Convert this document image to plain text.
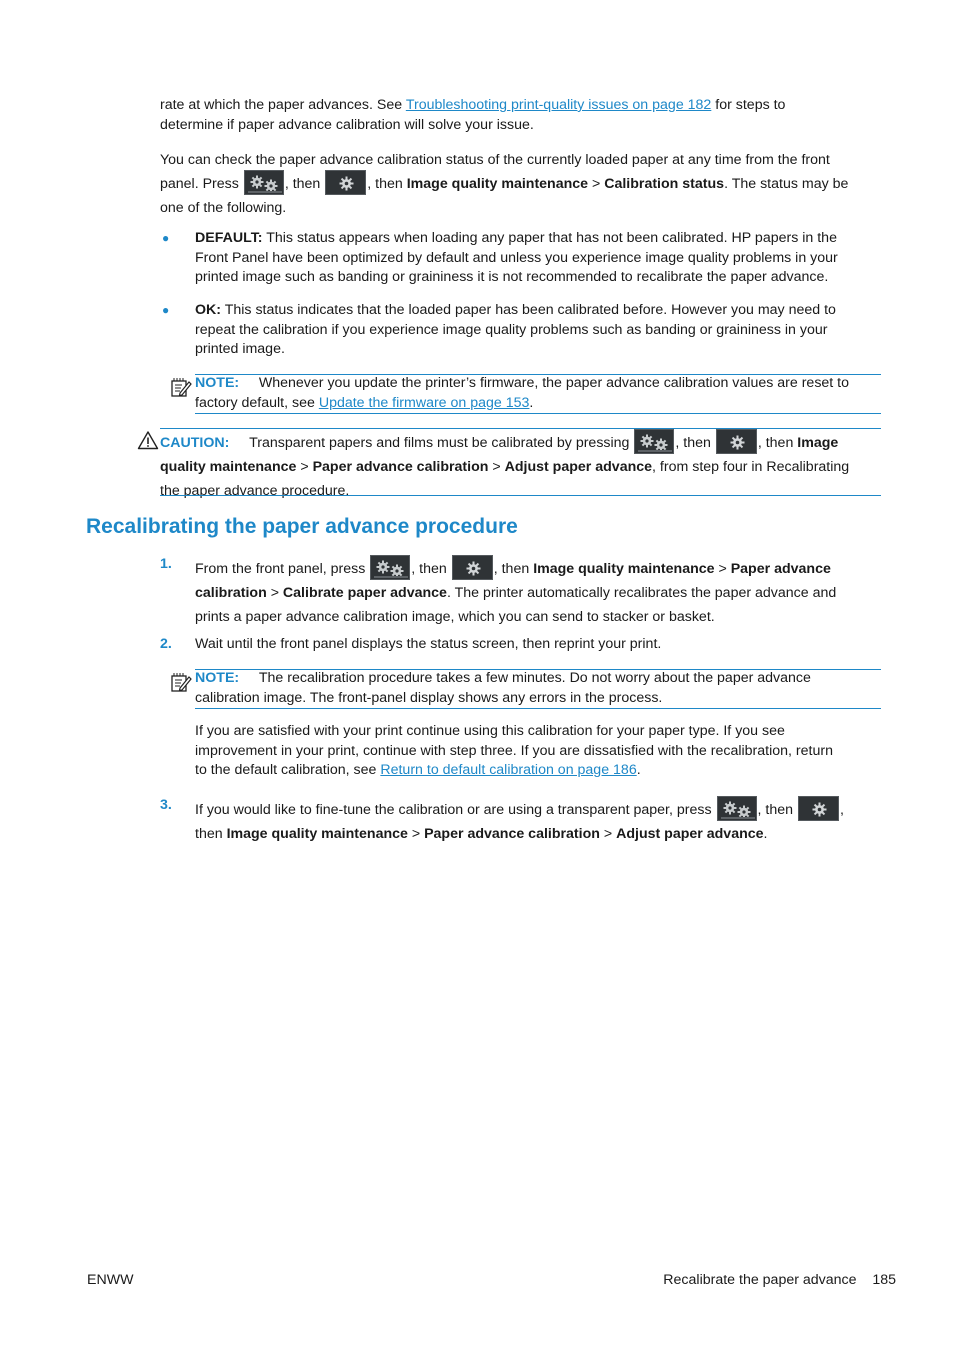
rate at which the paper advances. See Troubleshooting print-quality issues on page 182 for steps to
determine if paper advance calibration will solve your issue.

You can check the paper advance calibration status of the currently loaded paper at any time from the front
panel. Press	, then	, then Image quality maintenance > Calibration status. The status may be
one of the following.

● DEFAULT: This status appears when loading any paper that has not been calibrated. HP papers in the
Front Panel have been optimized by default and unless you experience image quality problems in your
printed image such as banding or graininess it is not recommended to recalibrate the paper advance.

● OK: This status indicates that the loaded paper has been calibrated before. However you may need to
repeat the calibration if you experience image quality problems such as banding or graininess in your
printed image.

NOTE: Whenever you update the printer’s firmware, the paper advance calibration values are reset to
factory default, see Update the firmware on page 153.

CAUTION: Transparent papers and films must be calibrated by pressing	, then	, then Image
quality maintenance > Paper advance calibration > Adjust paper advance, from step four in Recalibrating
the paper advance procedure.

Recalibrating the paper advance procedure
1. From the front panel, press	, then	, then Image quality maintenance > Paper advance
calibration > Calibrate paper advance. The printer automatically recalibrates the paper advance and
prints a paper advance calibration image, which you can send to stacker or basket.

2. Wait until the front panel displays the status screen, then reprint your print.

NOTE: The recalibration procedure takes a few minutes. Do not worry about the paper advance
calibration image. The front-panel display shows any errors in the process.

If you are satisfied with your print continue using this calibration for your paper type. If you see
improvement in your print, continue with step three. If you are dissatisfied with the recalibration, return
to the default calibration, see Return to default calibration on page 186.

3. If you would like to fine-tune the calibration or are using a transparent paper, press	, then	,
then Image quality maintenance > Paper advance calibration > Adjust paper advance.

ENWW	Recalibrate the paper advance 185
